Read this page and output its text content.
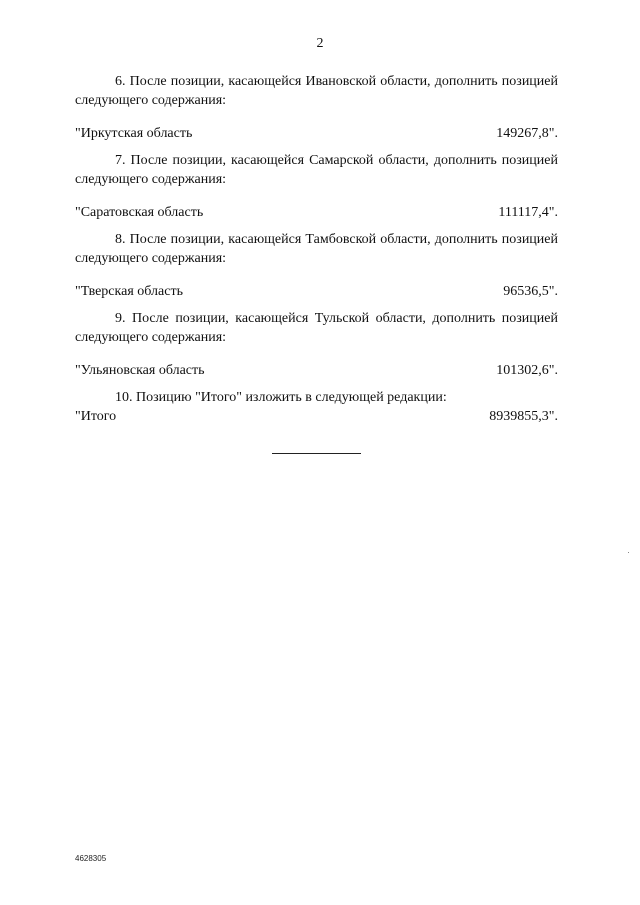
2

6. После позиции, касающейся Ивановской области, дополнить позицией следующего содержания:

"Иркутская область	149267,8".

7. После позиции, касающейся Самарской области, дополнить позицией следующего содержания:

"Саратовская область	111117,4".

8. После позиции, касающейся Тамбовской области, дополнить позицией следующего содержания:

"Тверская область	96536,5".

9. После позиции, касающейся Тульской области, дополнить позицией следующего содержания:

"Ульяновская область	101302,6".

10. Позицию "Итого" изложить в следующей редакции:

"Итого	8939855,3".
4628305
